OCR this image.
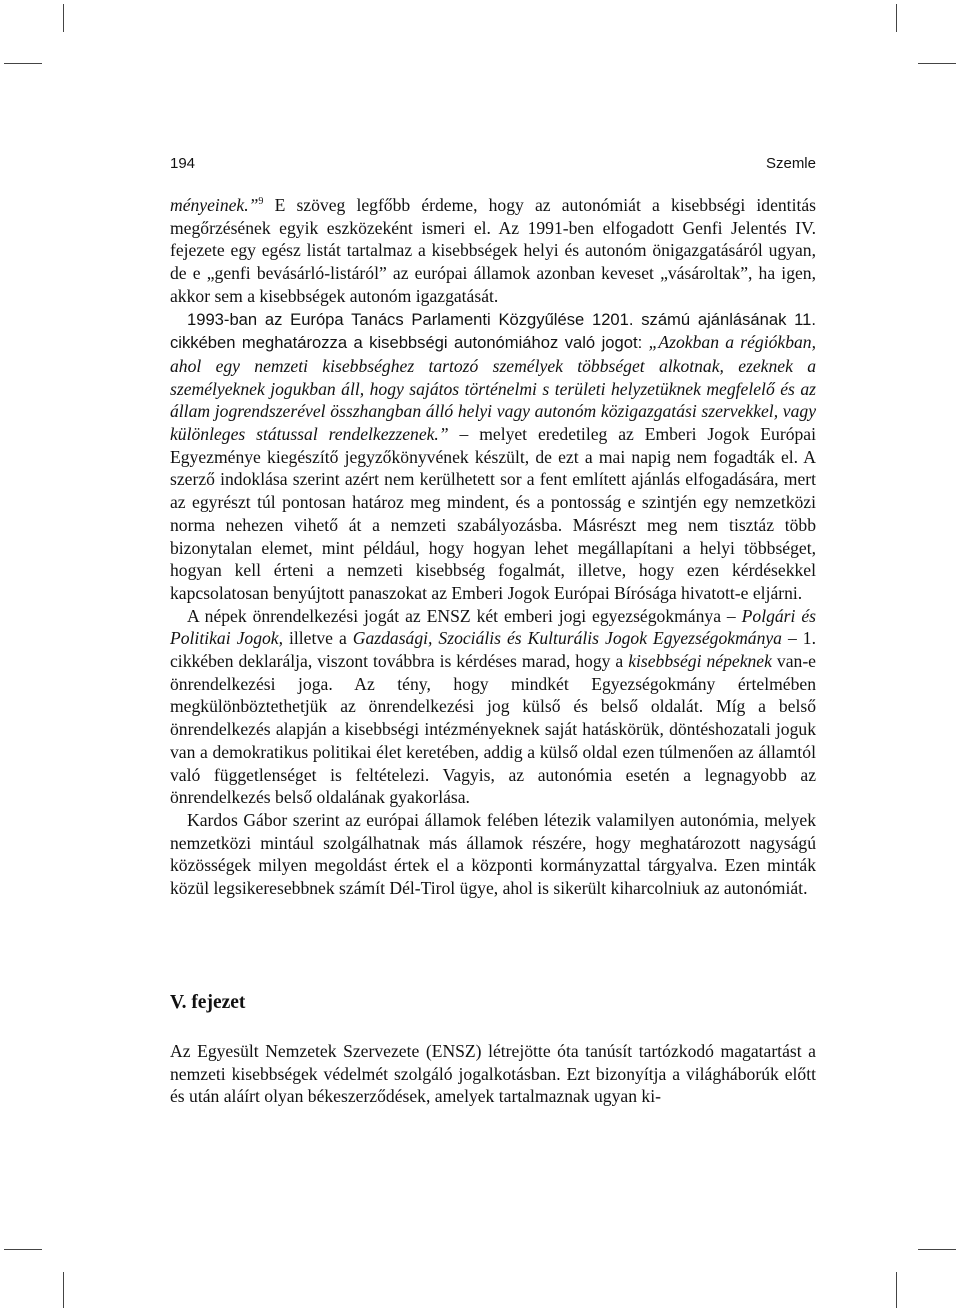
194	Szemle

ményeinek.”$^9$ E szöveg legfőbb érdeme, hogy az autonómiát a kisebbségi identitás megőrzésének egyik eszközeként ismeri el. Az 1991-ben elfogadott Genfi Jelentés IV. fejezete egy egész listát tartalmaz a kisebbségek helyi és autonóm önigazgatásáról ugyan, de e „genfi bevásárló-listáról” az európai államok azonban keveset „vásároltak”, ha igen, akkor sem a kisebbségek autonóm igazgatását.

1993-ban az Európa Tanács Parlamenti Közgyűlése 1201. számú ajánlásának 11. cikkében meghatározza a kisebbségi autonómiához való jogot: „Azokban a régiókban, ahol egy nemzeti kisebbséghez tartozó személyek többséget alkotnak, ezeknek a személyeknek jogukban áll, hogy sajátos történelmi s területi helyzetüknek megfelelő és az állam jogrendszerével összhangban álló helyi vagy autonóm közigazgatási szervekkel, vagy különleges státussal rendelkezzenek.” – melyet eredetileg az Emberi Jogok Európai Egyezménye kiegészítő jegyzőkönyvének készült, de ezt a mai napig nem fogadták el. A szerző indoklása szerint azért nem kerülhetett sor a fent említett ajánlás elfogadására, mert az egyrészt túl pontosan határoz meg mindent, és a pontosság e szintjén egy nemzetközi norma nehezen vihető át a nemzeti szabályozásba. Másrészt meg nem tisztáz több bizonytalan elemet, mint például, hogy hogyan lehet megállapítani a helyi többséget, hogyan kell érteni a nemzeti kisebbség fogalmát, illetve, hogy ezen kérdésekkel kapcsolatosan benyújtott panaszokat az Emberi Jogok Európai Bírósága hivatott-e eljárni.

A népek önrendelkezési jogát az ENSZ két emberi jogi egyezségokmánya – Polgári és Politikai Jogok, illetve a Gazdasági, Szociális és Kulturális Jogok Egyezségokmánya – 1. cikkében deklarálja, viszont továbbra is kérdéses marad, hogy a kisebbségi népeknek van-e önrendelkezési joga. Az tény, hogy mindkét Egyezségokmány értelmében megkülönböztethetjük az önrendelkezési jog külső és belső oldalát. Míg a belső önrendelkezés alapján a kisebbségi intézményeknek saját hatáskörük, döntéshozatali joguk van a demokratikus politikai élet keretében, addig a külső oldal ezen túlmenően az államtól való függetlenséget is feltételezi. Vagyis, az autonómia esetén a legnagyobb az önrendelkezés belső oldalának gyakorlása.

Kardos Gábor szerint az európai államok felében létezik valamilyen autonómia, melyek nemzetközi mintául szolgálhatnak más államok részére, hogy meghatározott nagyságú közösségek milyen megoldást értek el a központi kormányzattal tárgyalva. Ezen minták közül legsikeresebbnek számít Dél-Tirol ügye, ahol is sikerült kiharcolniuk az autonómiát.

V. fejezet

Az Egyesült Nemzetek Szervezete (ENSZ) létrejötte óta tanúsít tartózkodó magatartást a nemzeti kisebbségek védelmét szolgáló jogalkotásban. Ezt bizonyítja a világháborúk előtt és után aláírt olyan békeszerződések, amelyek tartalmaznak ugyan ki-
